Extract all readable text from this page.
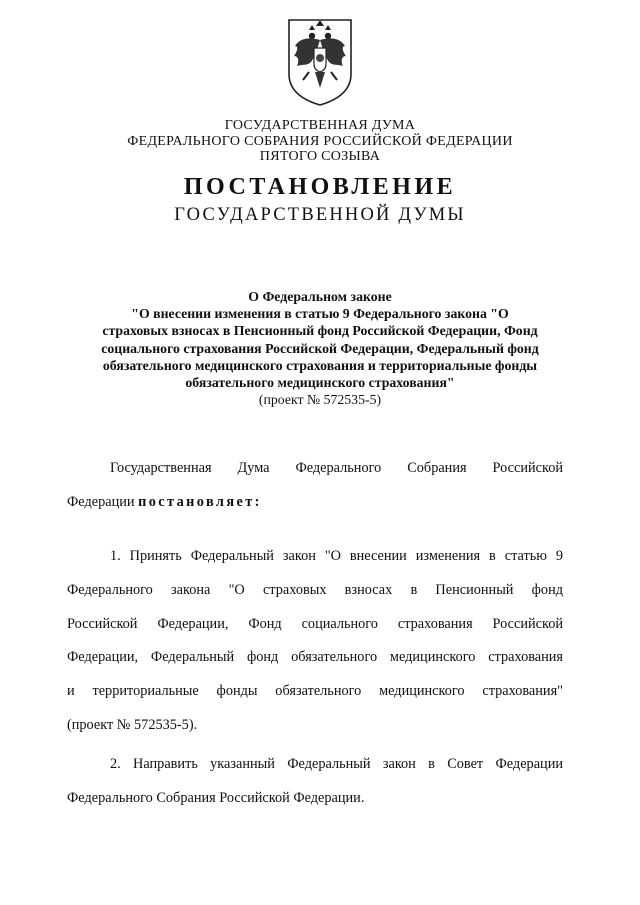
ГОСУДАРСТВЕННАЯ ДУМА
ФЕДЕРАЛЬНОГО СОБРАНИЯ РОССИЙСКОЙ ФЕДЕРАЦИИ
ПЯТОГО СОЗЫВА
ПОСТАНОВЛЕНИЕ
ГОСУДАРСТВЕННОЙ ДУМЫ
О Федеральном законе
"О внесении изменения в статью 9 Федерального закона "О
страховых взносах в Пенсионный фонд Российской Федерации, Фонд
социального страхования Российской Федерации, Федеральный фонд
обязательного медицинского страхования и территориальные фонды
обязательного медицинского страхования"
(проект № 572535-5)
Государственная Дума Федерального Собрания Российской
Федерации постановляет:
1. Принять Федеральный закон "О внесении изменения в статью 9
Федерального закона "О страховых взносах в Пенсионный фонд
Российской Федерации, Фонд социального страхования Российской
Федерации, Федеральный фонд обязательного медицинского страхования
и территориальные фонды обязательного медицинского страхования"
(проект № 572535-5).
2. Направить указанный Федеральный закон в Совет Федерации
Федерального Собрания Российской Федерации.
